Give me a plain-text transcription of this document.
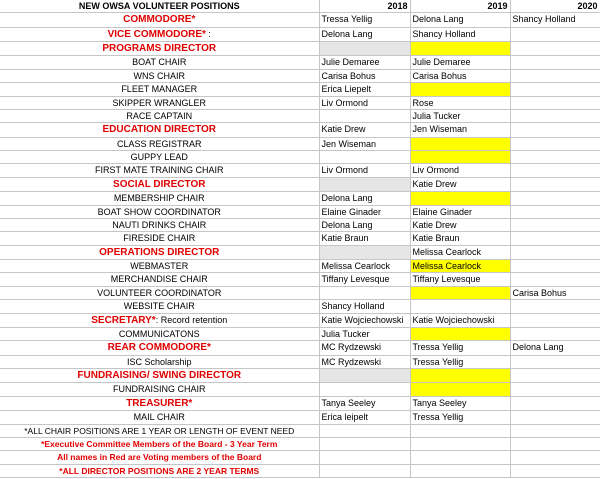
NEW OWSA VOLUNTEER POSITIONS	2018	2019	2020
COMMODORE*	Tressa Yellig	Delona Lang	Shancy Holland
VICE COMMODORE* :	Delona Lang	Shancy Holland	
PROGRAMS DIRECTOR			
BOAT CHAIR	Julie Demaree	Julie Demaree	
WNS CHAIR	Carisa Bohus	Carisa Bohus	
FLEET MANAGER	Erica Liepelt		
SKIPPER WRANGLER	Liv Ormond	Rose	
RACE CAPTAIN		Julia Tucker	
EDUCATION DIRECTOR	Katie Drew	Jen Wiseman	
CLASS REGISTRAR	Jen Wiseman		
GUPPY LEAD			
FIRST MATE TRAINING CHAIR	Liv Ormond	Liv Ormond	
SOCIAL DIRECTOR		Katie Drew	
MEMBERSHIP CHAIR	Delona Lang		
BOAT SHOW COORDINATOR	Elaine Ginader	Elaine Ginader	
NAUTI DRINKS CHAIR	Delona Lang	Katie Drew	
FIRESIDE CHAIR	Katie Braun	Katie Braun	
OPERATIONS DIRECTOR		Melissa Cearlock	
WEBMASTER	Melissa Cearlock	Melissa Cearlock	
MERCHANDISE CHAIR	Tiffany Levesque	Tiffany Levesque	
VOLUNTEER COORDINATOR			Carisa Bohus
WEBSITE CHAIR	Shancy Holland		
SECRETARY*: Record retention	Katie Wojciechowski	Katie Wojciechowski	
COMMUNICATONS	Julia Tucker		
REAR COMMODORE*	MC Rydzewski	Tressa Yellig	Delona Lang
ISC Scholarship	MC Rydzewski	Tressa Yellig	
FUNDRAISING/ SWING DIRECTOR			
FUNDRAISING CHAIR			
TREASURER*	Tanya Seeley	Tanya Seeley	
MAIL CHAIR	Erica leipelt	Tressa Yellig	
*ALL CHAIR POSITIONS ARE 1 YEAR OR LENGTH OF EVENT NEED			
*Executive Committee Members of the Board - 3 Year Term			
All names in Red are Voting members of the Board			
*ALL DIRECTOR POSITIONS ARE 2 YEAR TERMS			
